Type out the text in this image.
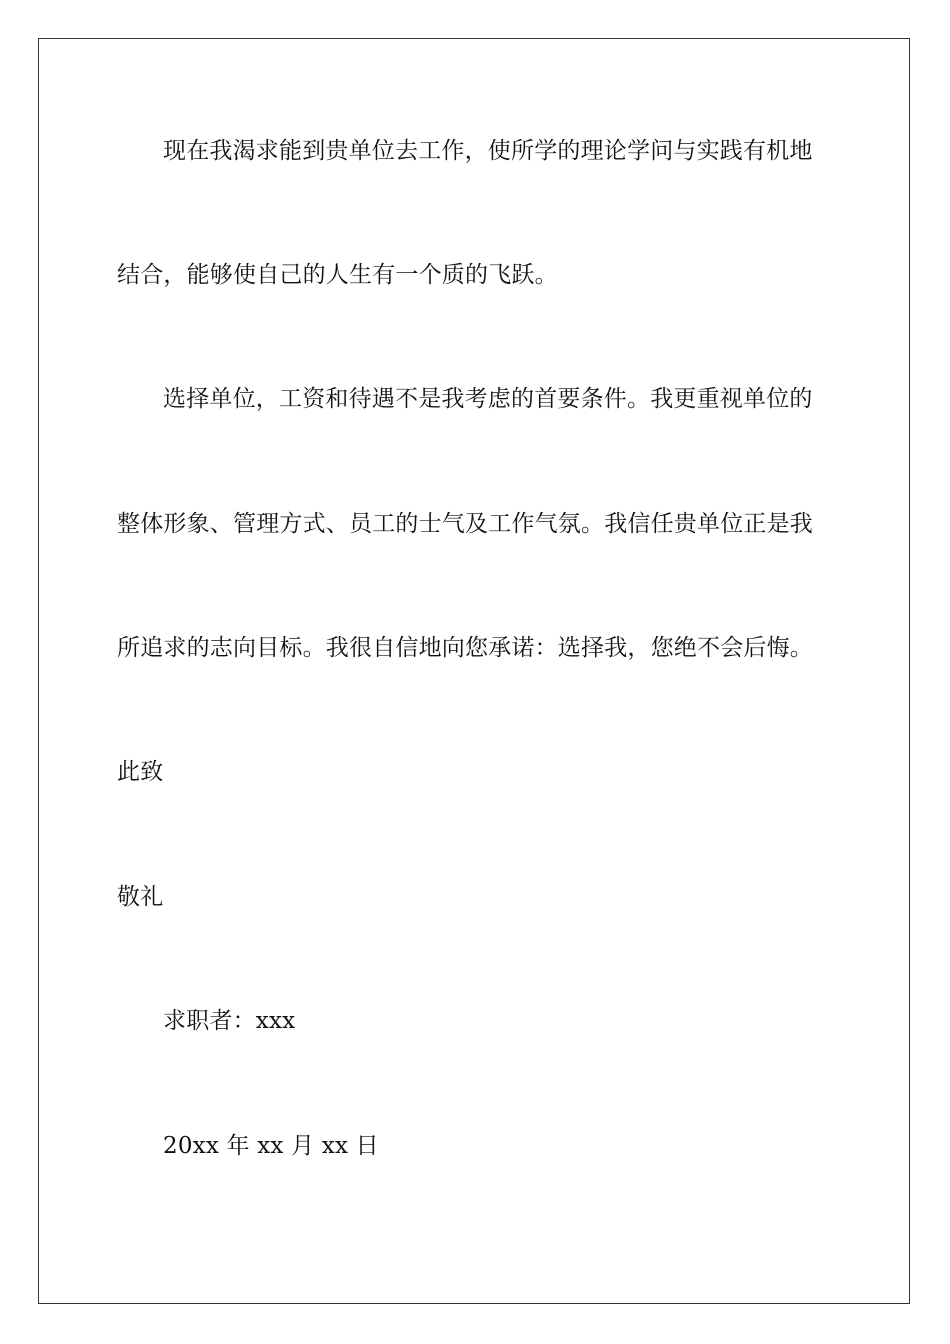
现在我渴求能到贵单位去工作，使所学的理论学问与实践有机地
结合，能够使自己的人生有一个质的飞跃。
选择单位，工资和待遇不是我考虑的首要条件。我更重视单位的
整体形象、管理方式、员工的士气及工作气氛。我信任贵单位正是我
所追求的志向目标。我很自信地向您承诺：选择我，您绝不会后悔。
此致
敬礼
求职者：xxx
20xx 年 xx 月 xx 日
